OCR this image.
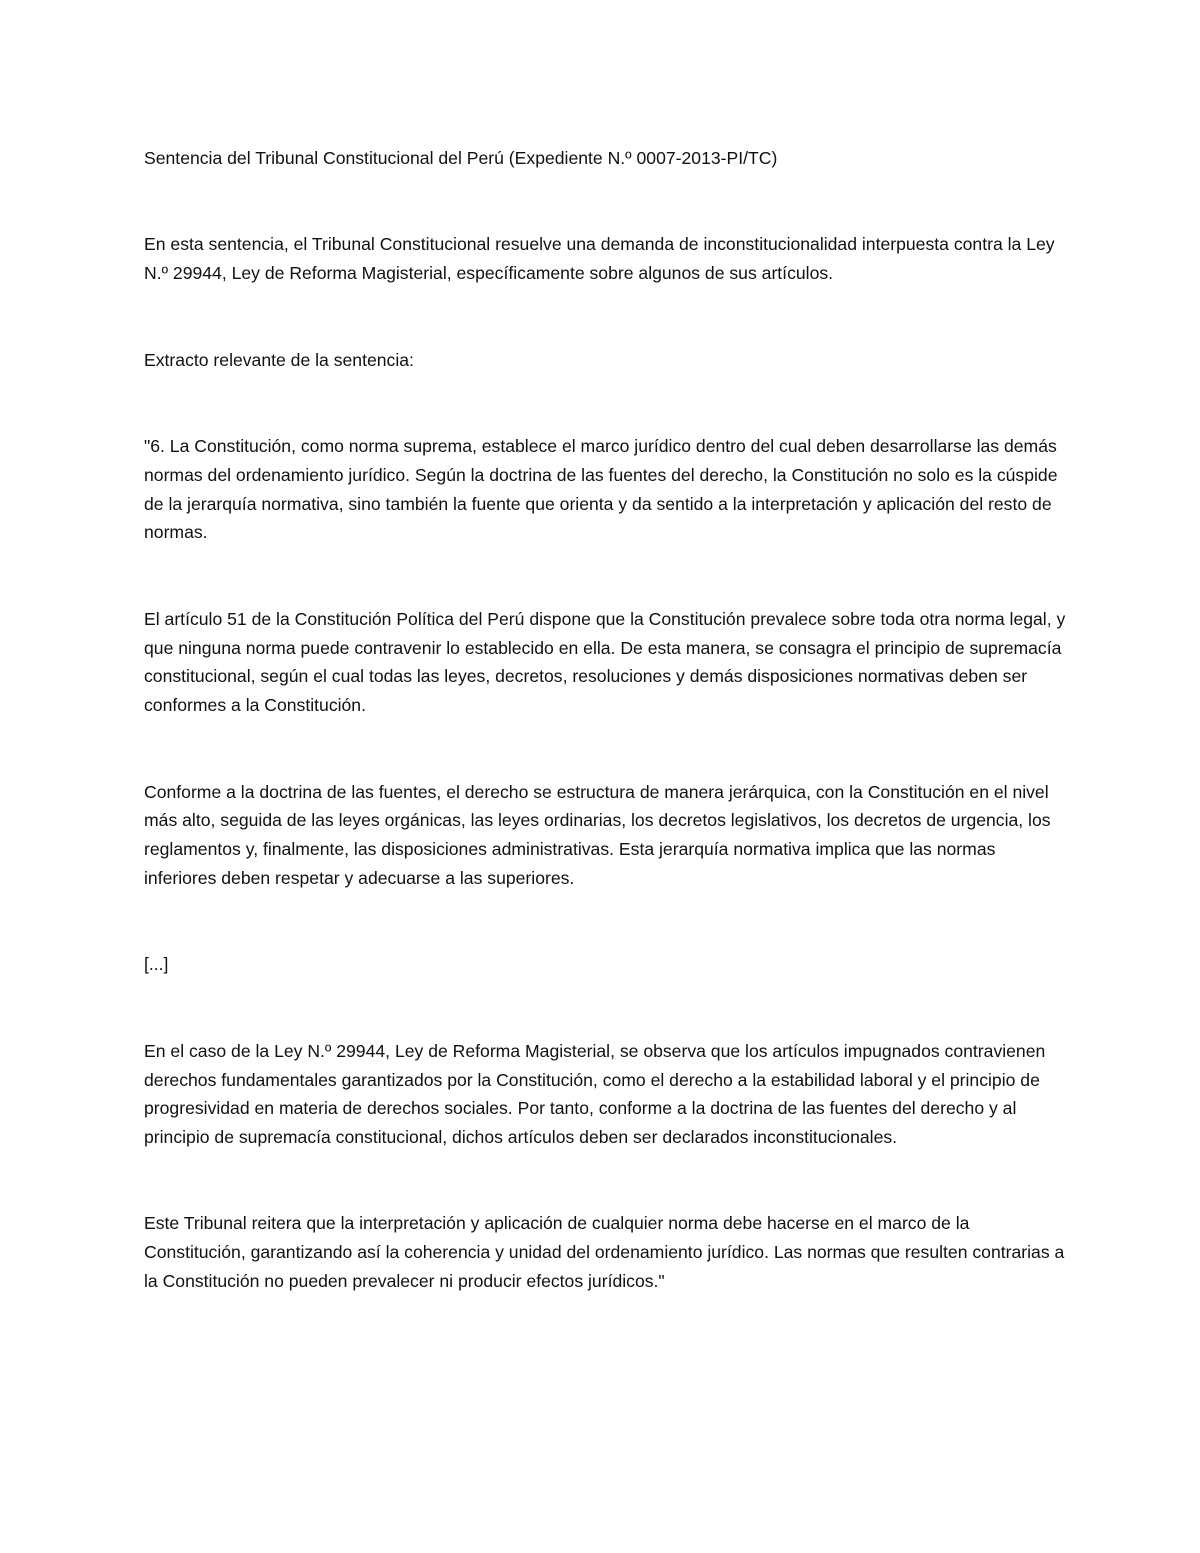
Sentencia del Tribunal Constitucional del Perú (Expediente N.º 0007-2013-PI/TC)

En esta sentencia, el Tribunal Constitucional resuelve una demanda de inconstitucionalidad interpuesta contra la Ley N.º 29944, Ley de Reforma Magisterial, específicamente sobre algunos de sus artículos.

Extracto relevante de la sentencia:

"6. La Constitución, como norma suprema, establece el marco jurídico dentro del cual deben desarrollarse las demás normas del ordenamiento jurídico. Según la doctrina de las fuentes del derecho, la Constitución no solo es la cúspide de la jerarquía normativa, sino también la fuente que orienta y da sentido a la interpretación y aplicación del resto de normas.

El artículo 51 de la Constitución Política del Perú dispone que la Constitución prevalece sobre toda otra norma legal, y que ninguna norma puede contravenir lo establecido en ella. De esta manera, se consagra el principio de supremacía constitucional, según el cual todas las leyes, decretos, resoluciones y demás disposiciones normativas deben ser conformes a la Constitución.

Conforme a la doctrina de las fuentes, el derecho se estructura de manera jerárquica, con la Constitución en el nivel más alto, seguida de las leyes orgánicas, las leyes ordinarias, los decretos legislativos, los decretos de urgencia, los reglamentos y, finalmente, las disposiciones administrativas. Esta jerarquía normativa implica que las normas inferiores deben respetar y adecuarse a las superiores.

[...]

En el caso de la Ley N.º 29944, Ley de Reforma Magisterial, se observa que los artículos impugnados contravienen derechos fundamentales garantizados por la Constitución, como el derecho a la estabilidad laboral y el principio de progresividad en materia de derechos sociales. Por tanto, conforme a la doctrina de las fuentes del derecho y al principio de supremacía constitucional, dichos artículos deben ser declarados inconstitucionales.

Este Tribunal reitera que la interpretación y aplicación de cualquier norma debe hacerse en el marco de la Constitución, garantizando así la coherencia y unidad del ordenamiento jurídico. Las normas que resulten contrarias a la Constitución no pueden prevalecer ni producir efectos jurídicos."
